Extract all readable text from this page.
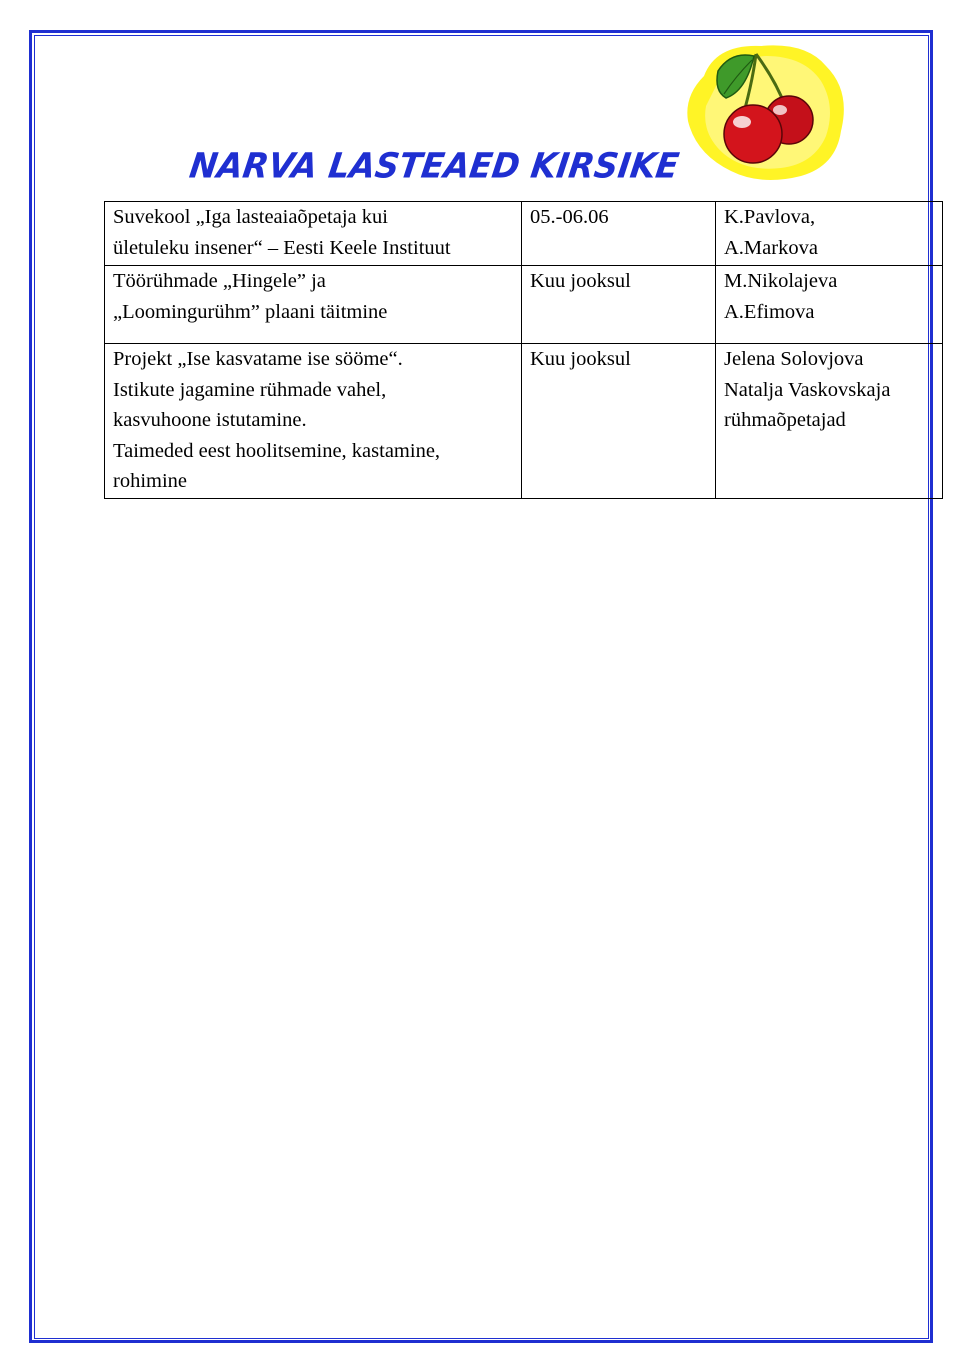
NARVA LASTEAED KIRSIKE
Suvekool „Iga lasteaiaõpetaja kui
ületuleku insener“ – Eesti Keele Instituut	05.-06.06	K.Pavlova,
A.Markova

Töörühmade „Hingele” ja
„Loomingurühm” plaani täitmine	Kuu jooksul	M.Nikolajeva
A.Efimova

Projekt „Ise kasvatame ise sööme“.
Istikute jagamine rühmade vahel,
kasvuhoone istutamine.
Taimeded eest hoolitsemine, kastamine,
rohimine	Kuu jooksul	Jelena Solovjova
Natalja Vaskovskaja
rühmaõpetajad
